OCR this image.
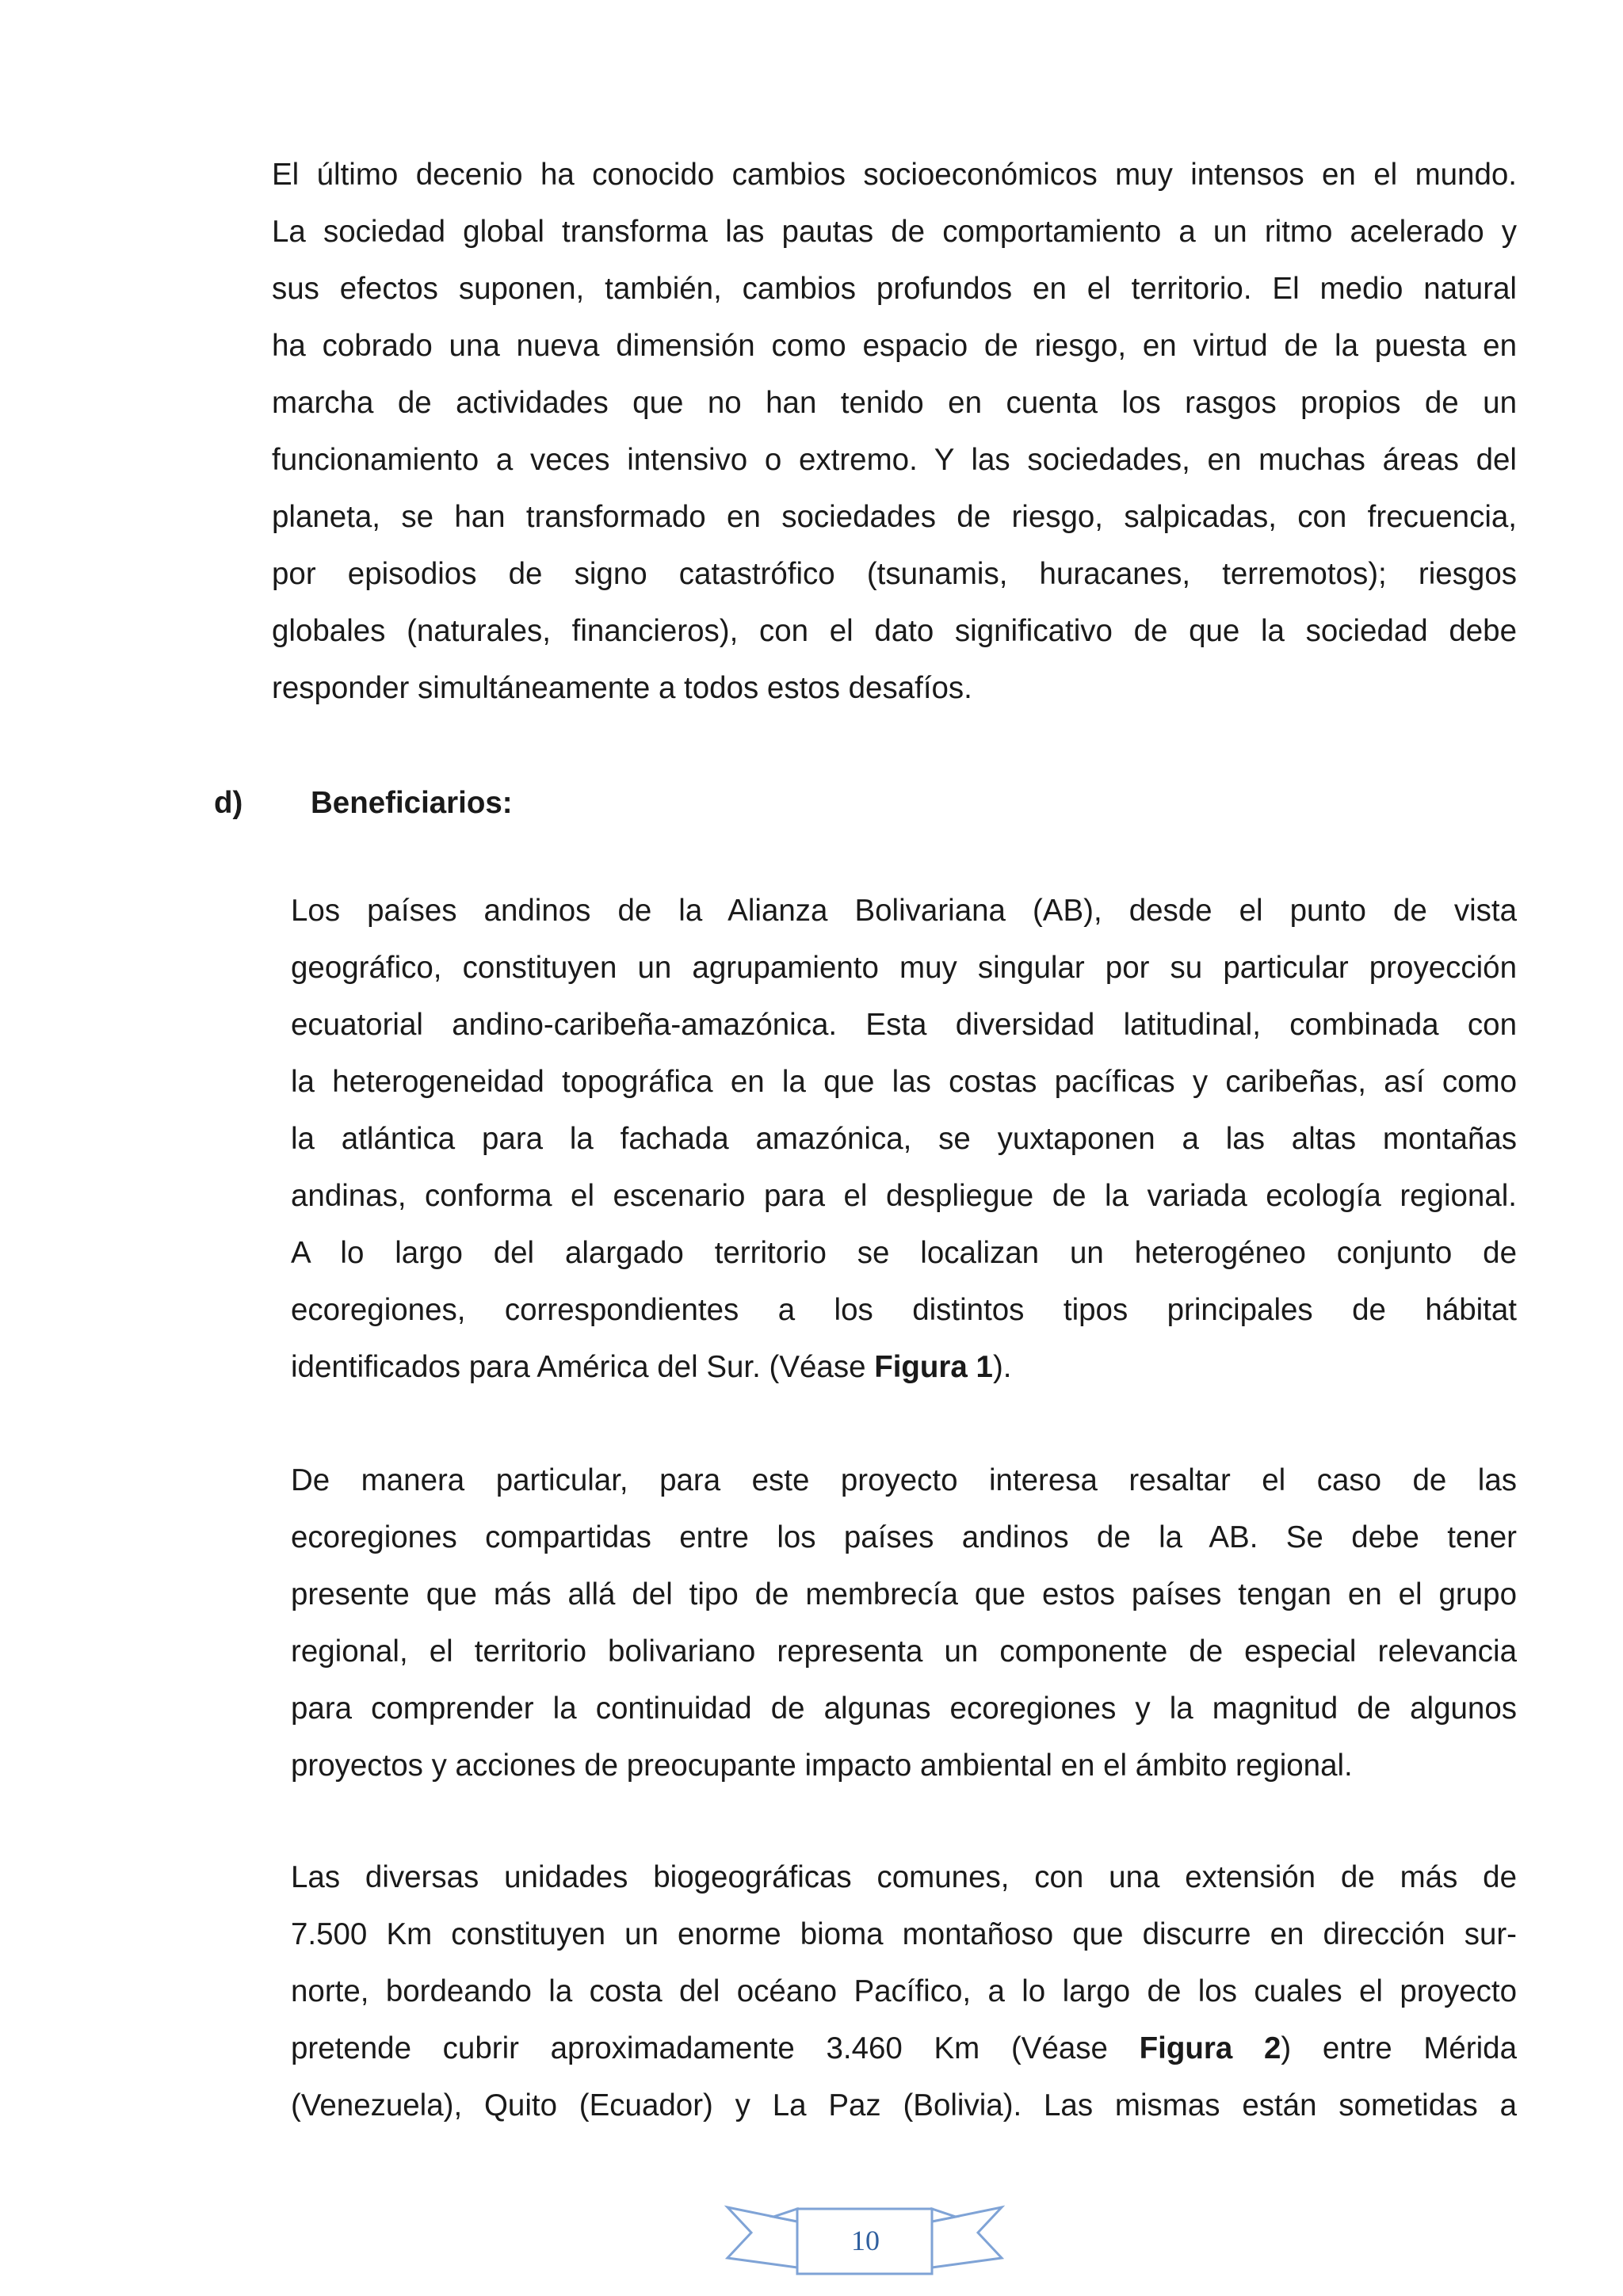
El último decenio ha conocido cambios socioeconómicos muy intensos en el mundo.
La sociedad global transforma las pautas de comportamiento a un ritmo acelerado y
sus efectos suponen, también, cambios profundos en el territorio. El medio natural
ha cobrado una nueva dimensión como espacio de riesgo, en virtud de la puesta en
marcha de actividades que no han tenido en cuenta los rasgos propios de un
funcionamiento a veces intensivo o extremo. Y las sociedades, en muchas áreas del
planeta, se han transformado en sociedades de riesgo, salpicadas, con frecuencia,
por episodios de signo catastrófico (tsunamis, huracanes, terremotos); riesgos
globales (naturales, financieros), con el dato significativo de que la sociedad debe
responder simultáneamente a todos estos desafíos.
d) Beneficiarios:
Los países andinos de la Alianza Bolivariana (AB), desde el punto de vista
geográfico, constituyen un agrupamiento muy singular por su particular proyección
ecuatorial andino-caribeña-amazónica. Esta diversidad latitudinal, combinada con
la heterogeneidad topográfica en la que las costas pacíficas y caribeñas, así como
la atlántica para la fachada amazónica, se yuxtaponen a las altas montañas
andinas, conforma el escenario para el despliegue de la variada ecología regional.
A lo largo del alargado territorio se localizan un heterogéneo conjunto de
ecoregiones, correspondientes a los distintos tipos principales de hábitat
identificados para América del Sur. (Véase Figura 1).
De manera particular, para este proyecto interesa resaltar el caso de las
ecoregiones compartidas entre los países andinos de la AB. Se debe tener
presente que más allá del tipo de membrecía que estos países tengan en el grupo
regional, el territorio bolivariano representa un componente de especial relevancia
para comprender la continuidad de algunas ecoregiones y la magnitud de algunos
proyectos y acciones de preocupante impacto ambiental en el ámbito regional.
Las diversas unidades biogeográficas comunes, con una extensión de más de
7.500 Km constituyen un enorme bioma montañoso que discurre en dirección sur-
norte, bordeando la costa del océano Pacífico, a lo largo de los cuales el proyecto
pretende cubrir aproximadamente 3.460 Km (Véase Figura 2) entre Mérida
(Venezuela), Quito (Ecuador) y La Paz (Bolivia). Las mismas están sometidas a
10
